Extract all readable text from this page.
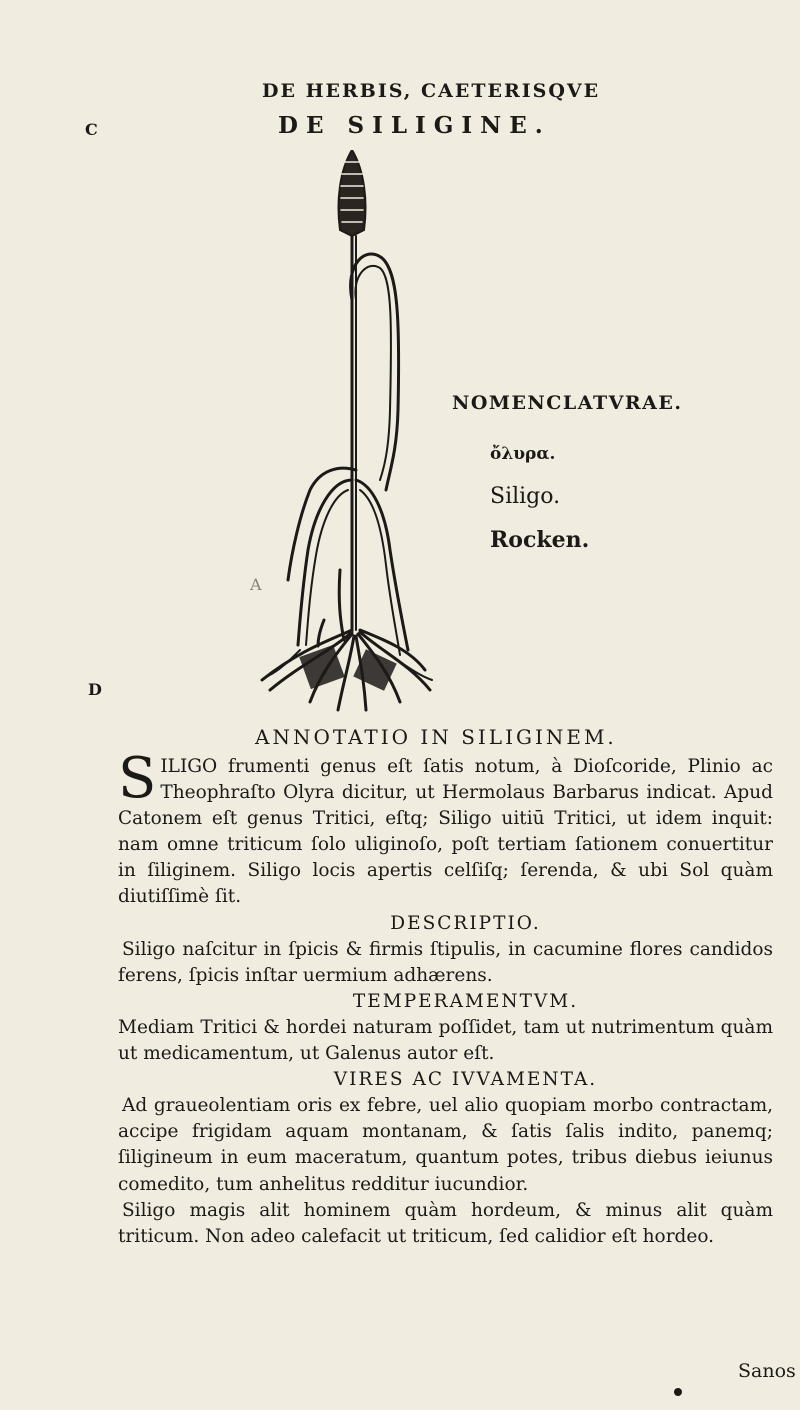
C
D
DE HERBIS, CAETERISQVE
DE SILIGINE.
A
NOMENCLATVRAE.
ὄλυρα.
Siligo.
Rocken.
ANNOTATIO IN SILIGINEM.

SILIGO frumenti genus eſt ſatis notum, à Dioſcoride, Plinio ac Theophraſto Olyra dicitur, ut Hermolaus Barbarus indicat. Apud Catonem eſt genus Tritici, eſtq; Siligo uitiū Tritici, ut idem inquit: nam omne triticum ſolo uliginoſo, poſt tertiam ſationem conuertitur in ſiliginem. Siligo locis apertis celſiſq; ſerenda, & ubi Sol quàm diutiſſimè ſit.

DESCRIPTIO.

Siligo naſcitur in ſpicis & firmis ſtipulis, in cacumine flores candidos ferens, ſpicis inſtar uermium adhærens.

TEMPERAMENTVM.

Mediam Tritici & hordei naturam poſſidet, tam ut nutrimentum quàm ut medicamentum, ut Galenus autor eſt.

VIRES AC IVVAMENTA.

Ad graueolentiam oris ex febre, uel alio quopiam morbo contractam, accipe frigidam aquam montanam, & ſatis ſalis indito, panemq; ſiligineum in eum maceratum, quantum potes, tribus diebus ieiunus comedito, tum anhelitus redditur iucundior.

Siligo magis alit hominem quàm hordeum, & minus alit quàm triticum. Non adeo calefacit ut triticum, ſed calidior eſt hordeo.

Sanos
